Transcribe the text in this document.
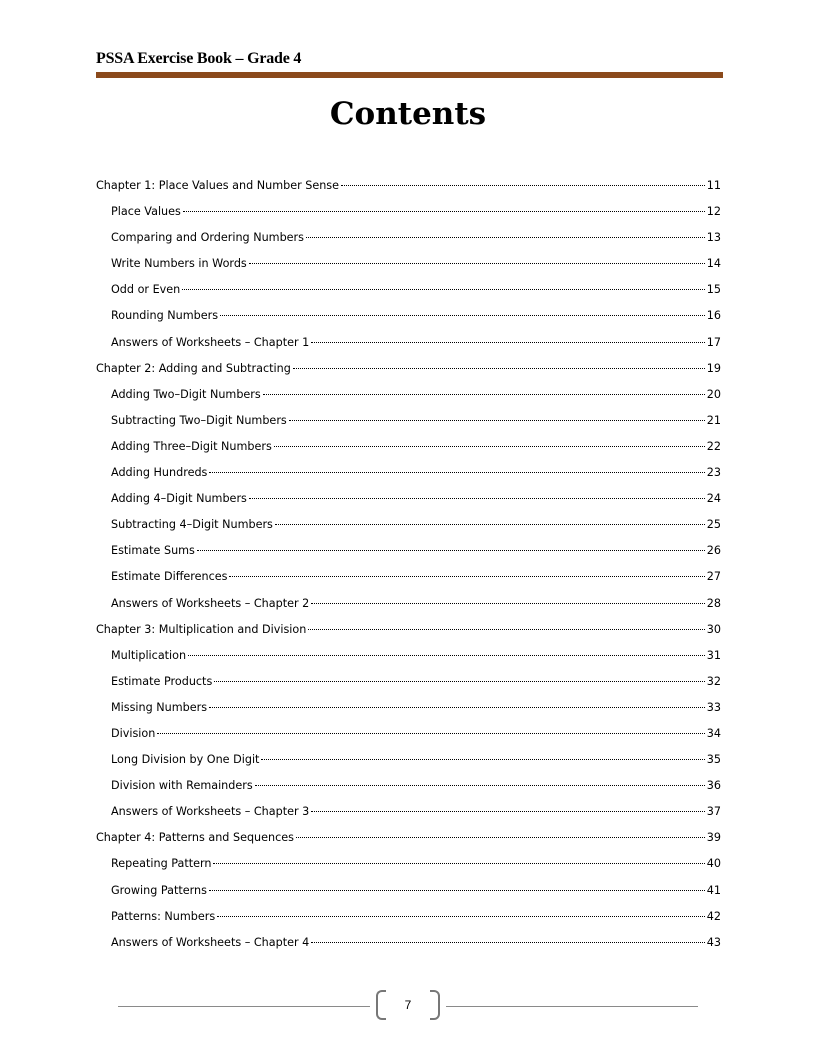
PSSA Exercise Book – Grade 4
Contents
Chapter 1: Place Values and Number Sense	11
Place Values	12
Comparing and Ordering Numbers	13
Write Numbers in Words	14
Odd or Even	15
Rounding Numbers	16
Answers of Worksheets – Chapter 1	17
Chapter 2: Adding and Subtracting	19
Adding Two–Digit Numbers	20
Subtracting Two–Digit Numbers	21
Adding Three–Digit Numbers	22
Adding Hundreds	23
Adding 4–Digit Numbers	24
Subtracting 4–Digit Numbers	25
Estimate Sums	26
Estimate Differences	27
Answers of Worksheets – Chapter 2	28
Chapter 3: Multiplication and Division	30
Multiplication	31
Estimate Products	32
Missing Numbers	33
Division	34
Long Division by One Digit	35
Division with Remainders	36
Answers of Worksheets – Chapter 3	37
Chapter 4: Patterns and Sequences	39
Repeating Pattern	40
Growing Patterns	41
Patterns: Numbers	42
Answers of Worksheets – Chapter 4	43
7
